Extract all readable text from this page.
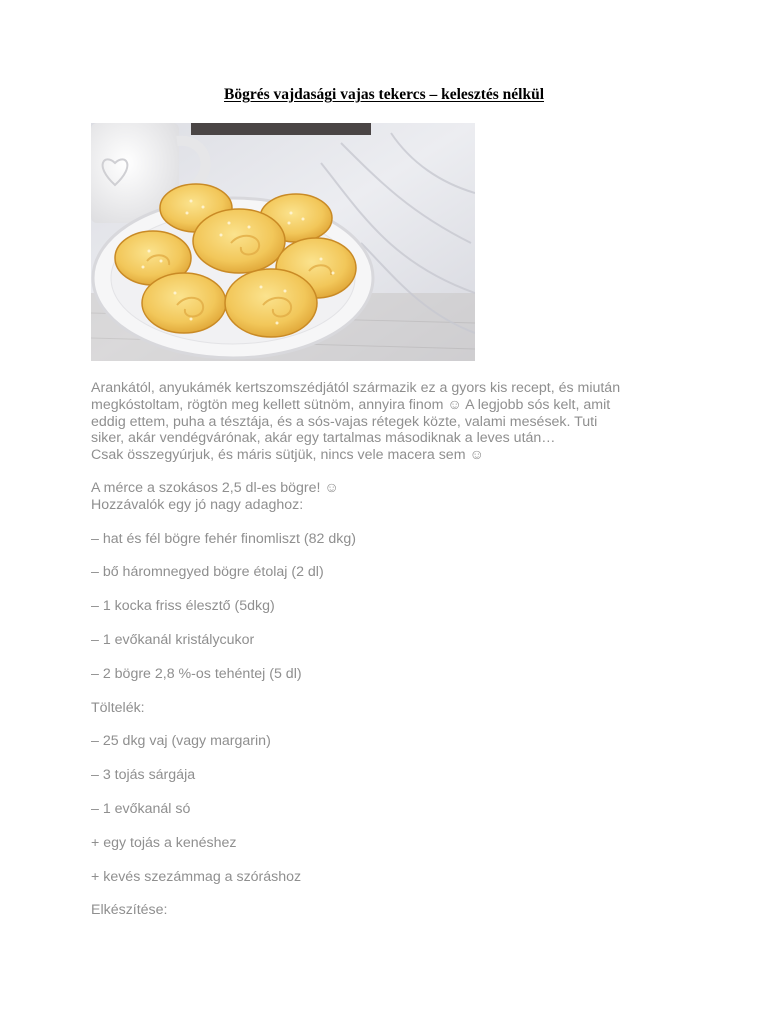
Bögrés vajdasági vajas tekercs – kelesztés nélkül

Arankától, anyukámék kertszomszédjától származik ez a gyors kis recept, és miután

megkóstoltam, rögtön meg kellett sütnöm, annyira finom ☺ A legjobb sós kelt, amit

eddig ettem, puha a tésztája, és a sós-vajas rétegek közte, valami mesések. Tuti

siker, akár vendégvárónak, akár egy tartalmas másodiknak a leves után…

Csak összegyúrjuk, és máris sütjük, nincs vele macera sem ☺

A mérce a szokásos 2,5 dl-es bögre! ☺

Hozzávalók egy jó nagy adaghoz:

– hat és fél bögre fehér finomliszt (82 dkg)

– bő háromnegyed bögre étolaj (2 dl)

– 1 kocka friss élesztő (5dkg)

– 1 evőkanál kristálycukor

– 2 bögre 2,8 %-os tehéntej (5 dl)

Töltelék:

– 25 dkg vaj (vagy margarin)

– 3 tojás sárgája

– 1 evőkanál só

+ egy tojás a kenéshez

+ kevés szezámmag a szóráshoz

Elkészítése:
